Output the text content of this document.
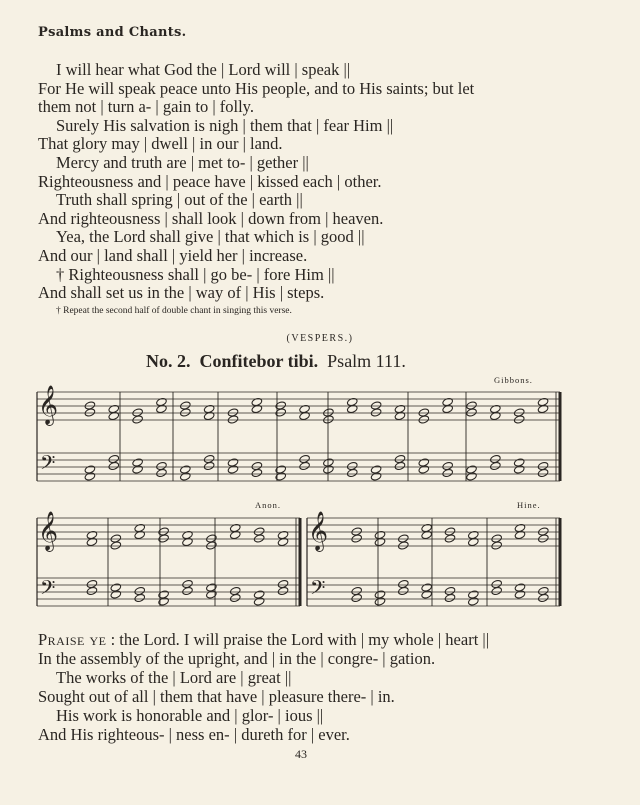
Psalms and Chants.
I will hear what God the | Lord will | speak ||
For He will speak peace unto His people, and to His saints; but let
them not | turn a- | gain to | folly.
Surely His salvation is nigh | them that | fear Him ||
That glory may | dwell | in our | land.
Mercy and truth are | met to- | gether ||
Righteousness and | peace have | kissed each | other.
Truth shall spring | out of the | earth ||
And righteousness | shall look | down from | heaven.
Yea, the Lord shall give | that which is | good ||
And our | land shall | yield her | increase.
† Righteousness shall | go be- | fore Him ||
And shall set us in the | way of | His | steps.
† Repeat the second half of double chant in singing this verse.
(VESPERS.)
No. 2. Confitebor tibi. Psalm 111.
Gibbons.
Anon.	Hine.
𝄞
𝄢
𝄞
𝄢
𝄞
𝄢
Praise ye : the Lord. I will praise the Lord with | my whole | heart ||
In the assembly of the upright, and | in the | congre- | gation.
The works of the | Lord are | great ||
Sought out of all | them that have | pleasure there- | in.
His work is honorable and | glor- | ious ||
And His righteous- | ness en- | dureth for | ever.
43
